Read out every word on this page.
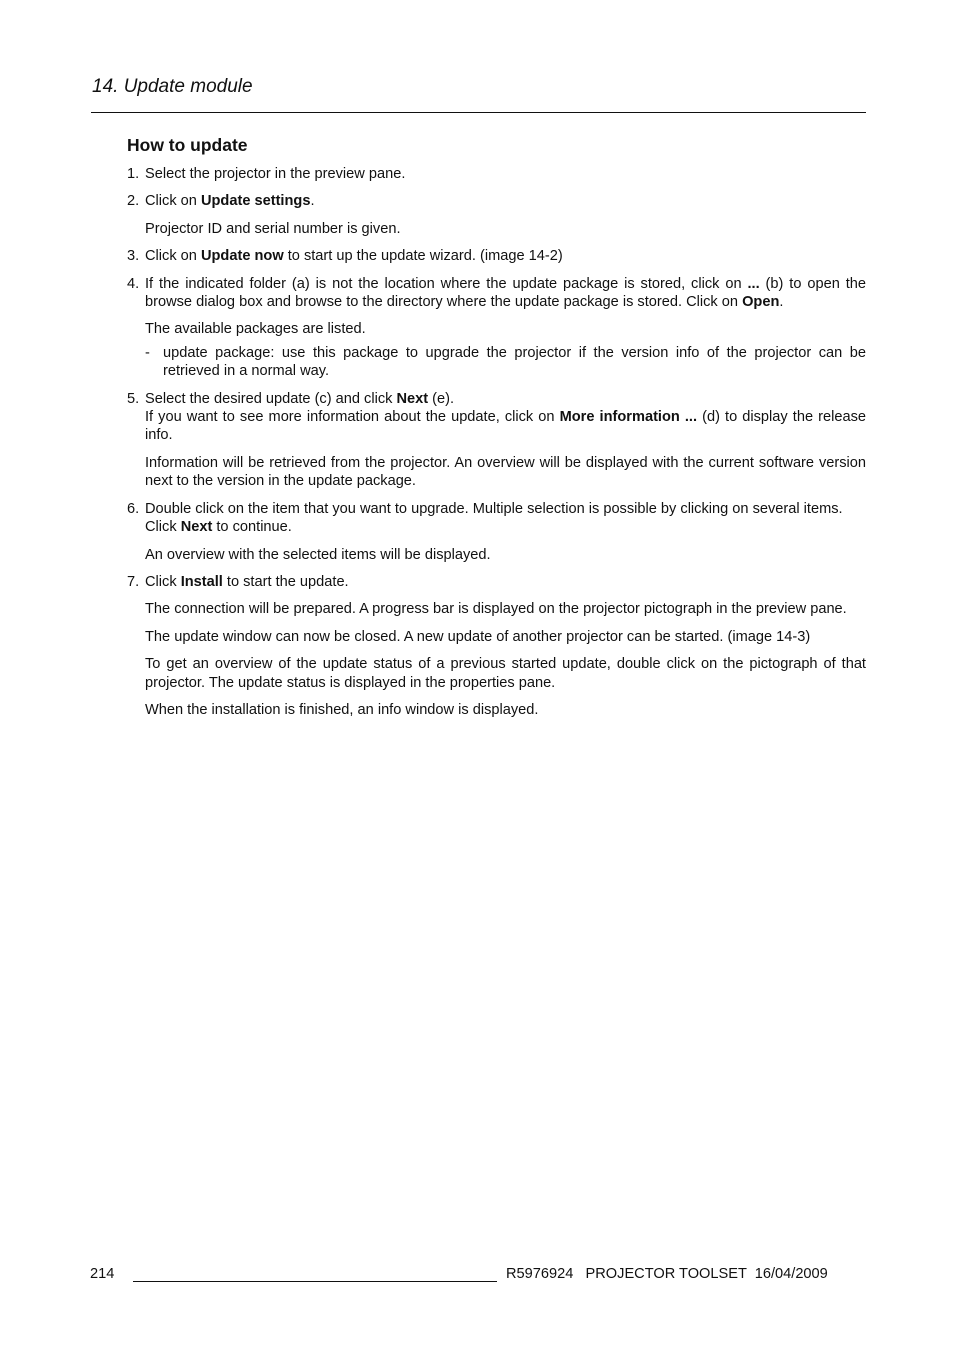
14. Update module
How to update
1. Select the projector in the preview pane.
2. Click on Update settings.
Projector ID and serial number is given.
3. Click on Update now to start up the update wizard. (image 14-2)
4. If the indicated folder (a) is not the location where the update package is stored, click on ... (b) to open the browse dialog box and browse to the directory where the update package is stored. Click on Open.
The available packages are listed.
- update package: use this package to upgrade the projector if the version info of the projector can be retrieved in a normal way.
5. Select the desired update (c) and click Next (e).
If you want to see more information about the update, click on More information ... (d) to display the release info.
Information will be retrieved from the projector. An overview will be displayed with the current software version next to the version in the update package.
6. Double click on the item that you want to upgrade. Multiple selection is possible by clicking on several items.
Click Next to continue.
An overview with the selected items will be displayed.
7. Click Install to start the update.
The connection will be prepared. A progress bar is displayed on the projector pictograph in the preview pane.
The update window can now be closed. A new update of another projector can be started. (image 14-3)
To get an overview of the update status of a previous started update, double click on the pictograph of that projector. The update status is displayed in the properties pane.
When the installation is finished, an info window is displayed.
214	R5976924   PROJECTOR TOOLSET  16/04/2009
